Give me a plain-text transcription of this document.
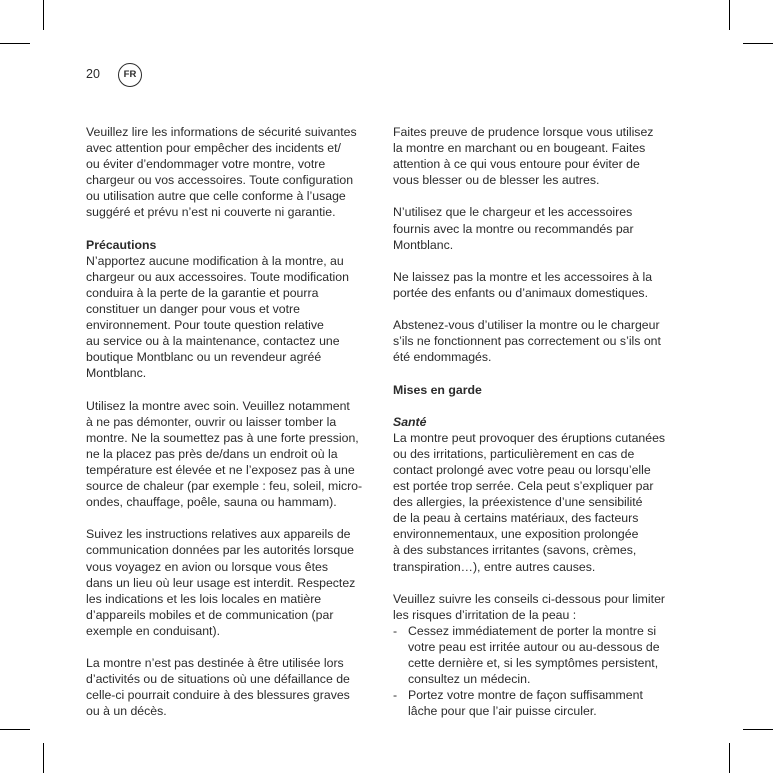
20	FR

Veuillez lire les informations de sécurité suivantes
avec attention pour empêcher des incidents et/
ou éviter d’endommager votre montre, votre
chargeur ou vos accessoires. Toute configuration
ou utilisation autre que celle conforme à l’usage
suggéré et prévu n’est ni couverte ni garantie.

Précautions

N’apportez aucune modification à la montre, au
chargeur ou aux accessoires. Toute modification
conduira à la perte de la garantie et pourra
constituer un danger pour vous et votre
environnement. Pour toute question relative
au service ou à la maintenance, contactez une
boutique Montblanc ou un revendeur agréé
Montblanc.

Utilisez la montre avec soin. Veuillez notamment
à ne pas démonter, ouvrir ou laisser tomber la
montre. Ne la soumettez pas à une forte pression,
ne la placez pas près de/dans un endroit où la
température est élevée et ne l’exposez pas à une
source de chaleur (par exemple : feu, soleil, micro-
ondes, chauffage, poêle, sauna ou hammam).

Suivez les instructions relatives aux appareils de
communication données par les autorités lorsque
vous voyagez en avion ou lorsque vous êtes
dans un lieu où leur usage est interdit. Respectez
les indications et les lois locales en matière
d’appareils mobiles et de communication (par
exemple en conduisant).

La montre n’est pas destinée à être utilisée lors
d’activités ou de situations où une défaillance de
celle-ci pourrait conduire à des blessures graves
ou à un décès.

Faites preuve de prudence lorsque vous utilisez
la montre en marchant ou en bougeant. Faites
attention à ce qui vous entoure pour éviter de
vous blesser ou de blesser les autres.

N’utilisez que le chargeur et les accessoires
fournis avec la montre ou recommandés par
Montblanc.

Ne laissez pas la montre et les accessoires à la
portée des enfants ou d’animaux domestiques.

Abstenez-vous d’utiliser la montre ou le chargeur
s’ils ne fonctionnent pas correctement ou s’ils ont
été endommagés.

Mises en garde

Santé

La montre peut provoquer des éruptions cutanées
ou des irritations, particulièrement en cas de
contact prolongé avec votre peau ou lorsqu’elle
est portée trop serrée. Cela peut s’expliquer par
des allergies, la préexistence d’une sensibilité
de la peau à certains matériaux, des facteurs
environnementaux, une exposition prolongée
à des substances irritantes (savons, crèmes,
transpiration…), entre autres causes.

Veuillez suivre les conseils ci-dessous pour limiter
les risques d’irritation de la peau :

- Cessez immédiatement de porter la montre si
votre peau est irritée autour ou au-dessous de
cette dernière et, si les symptômes persistent,
consultez un médecin.
- Portez votre montre de façon suffisamment
lâche pour que l’air puisse circuler.
